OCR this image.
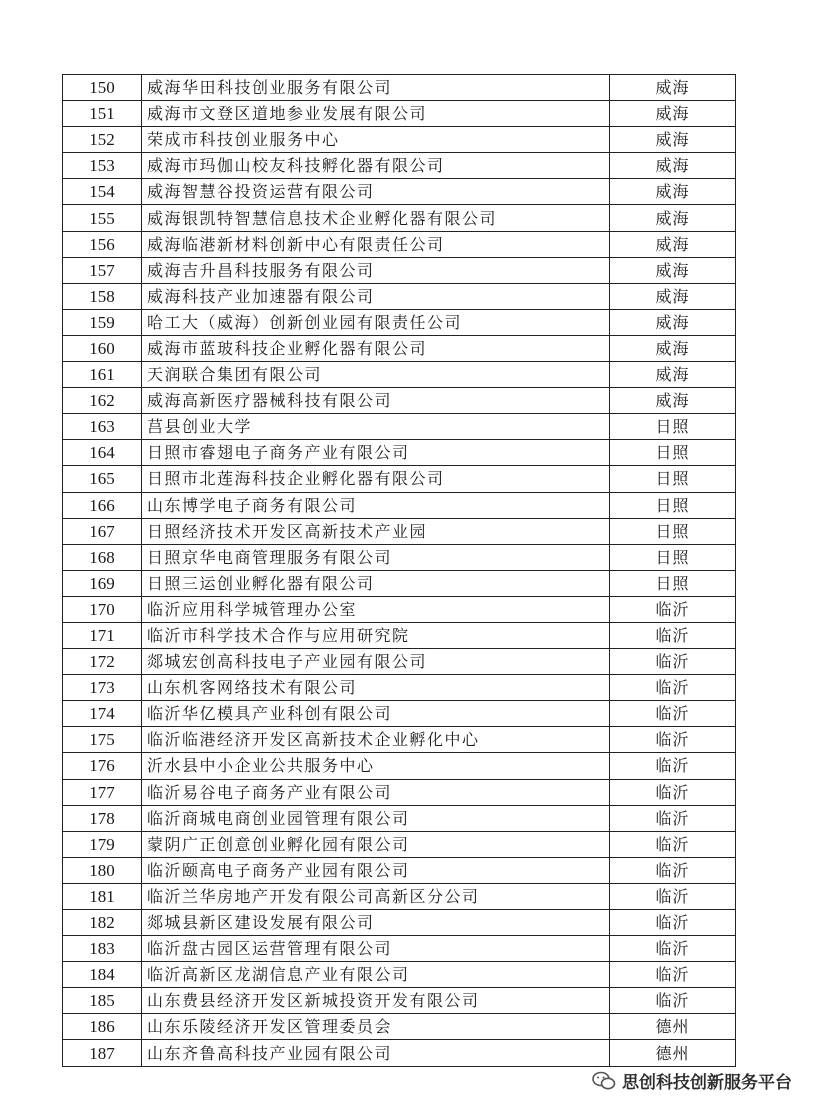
150	威海华田科技创业服务有限公司	威海
151	威海市文登区道地参业发展有限公司	威海
152	荣成市科技创业服务中心	威海
153	威海市玛伽山校友科技孵化器有限公司	威海
154	威海智慧谷投资运营有限公司	威海
155	威海银凯特智慧信息技术企业孵化器有限公司	威海
156	威海临港新材料创新中心有限责任公司	威海
157	威海吉升昌科技服务有限公司	威海
158	威海科技产业加速器有限公司	威海
159	哈工大（威海）创新创业园有限责任公司	威海
160	威海市蓝玻科技企业孵化器有限公司	威海
161	天润联合集团有限公司	威海
162	威海高新医疗器械科技有限公司	威海
163	莒县创业大学	日照
164	日照市睿翅电子商务产业有限公司	日照
165	日照市北莲海科技企业孵化器有限公司	日照
166	山东博学电子商务有限公司	日照
167	日照经济技术开发区高新技术产业园	日照
168	日照京华电商管理服务有限公司	日照
169	日照三运创业孵化器有限公司	日照
170	临沂应用科学城管理办公室	临沂
171	临沂市科学技术合作与应用研究院	临沂
172	郯城宏创高科技电子产业园有限公司	临沂
173	山东机客网络技术有限公司	临沂
174	临沂华亿模具产业科创有限公司	临沂
175	临沂临港经济开发区高新技术企业孵化中心	临沂
176	沂水县中小企业公共服务中心	临沂
177	临沂易谷电子商务产业有限公司	临沂
178	临沂商城电商创业园管理有限公司	临沂
179	蒙阴广正创意创业孵化园有限公司	临沂
180	临沂颐高电子商务产业园有限公司	临沂
181	临沂兰华房地产开发有限公司高新区分公司	临沂
182	郯城县新区建设发展有限公司	临沂
183	临沂盘古园区运营管理有限公司	临沂
184	临沂高新区龙湖信息产业有限公司	临沂
185	山东费县经济开发区新城投资开发有限公司	临沂
186	山东乐陵经济开发区管理委员会	德州
187	山东齐鲁高科技产业园有限公司	德州
思创科技创新服务平台
